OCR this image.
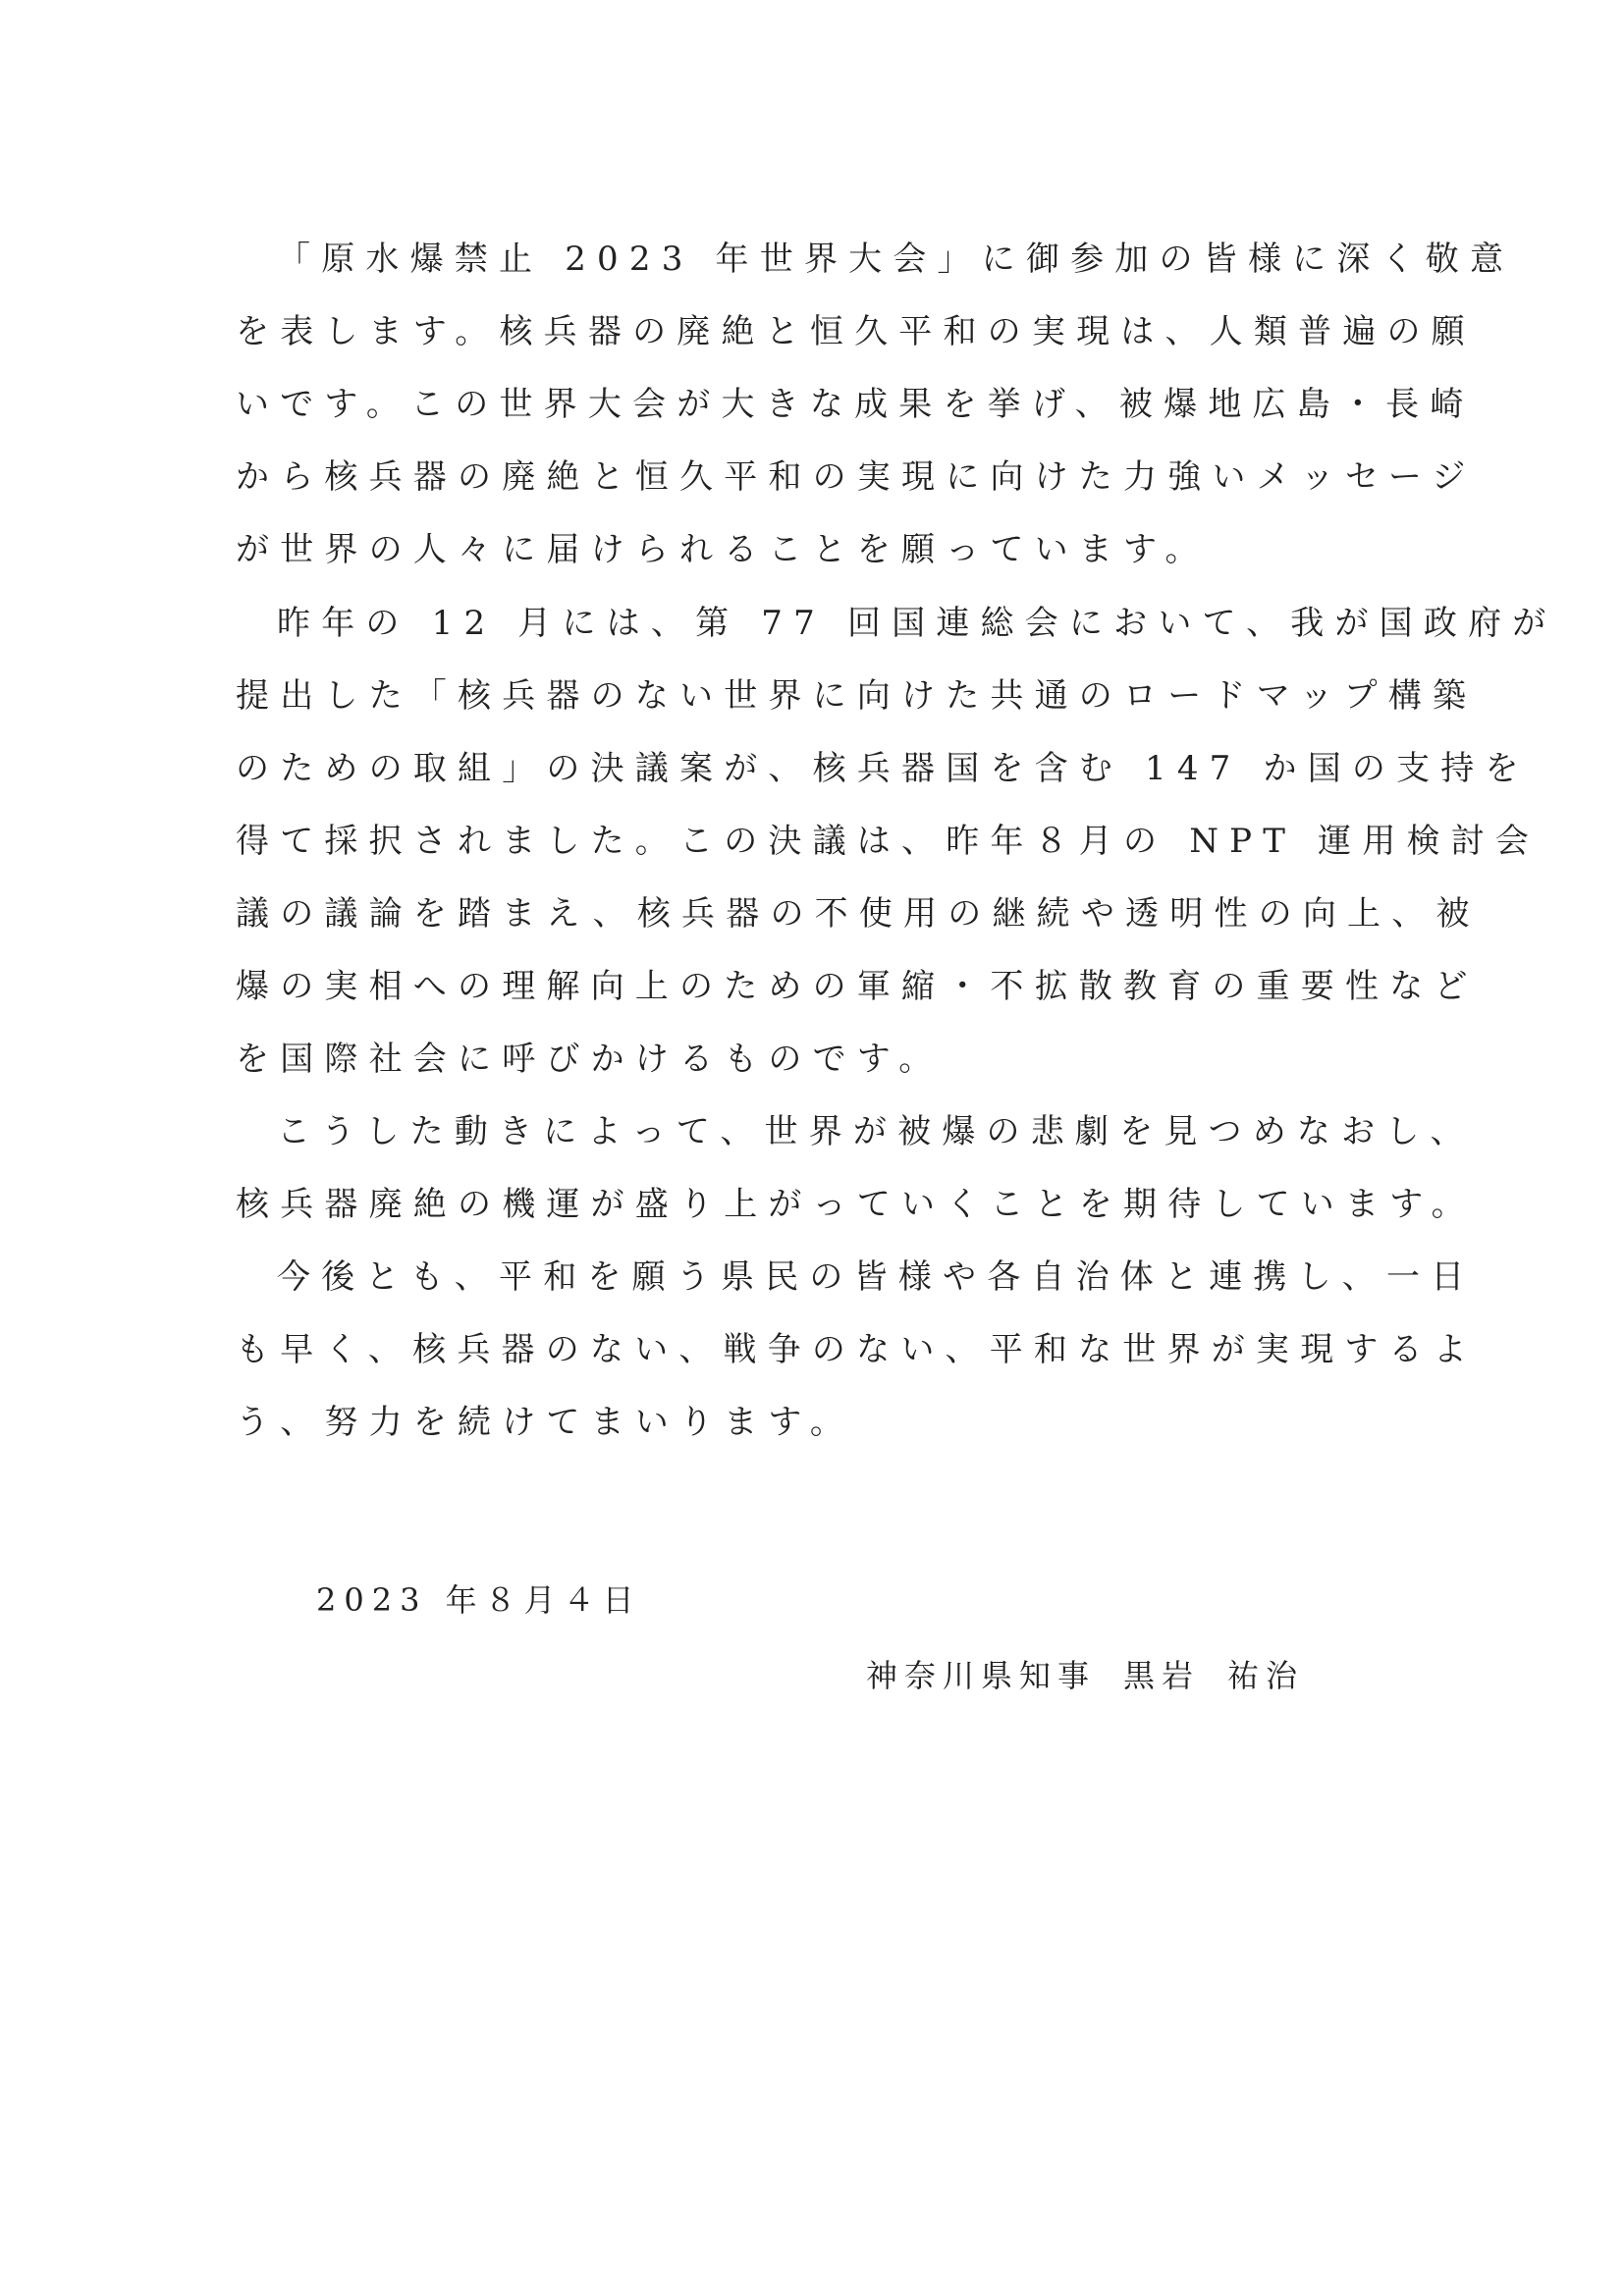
「原水爆禁止 2023 年世界大会」に御参加の皆様に深く敬意
を表します。核兵器の廃絶と恒久平和の実現は、人類普遍の願
いです。この世界大会が大きな成果を挙げ、被爆地広島・長崎
から核兵器の廃絶と恒久平和の実現に向けた力強いメッセージ
が世界の人々に届けられることを願っています。
昨年の 12 月には、第 77 回国連総会において、我が国政府が
提出した「核兵器のない世界に向けた共通のロードマップ構築
のための取組」の決議案が、核兵器国を含む 147 か国の支持を
得て採択されました。この決議は、昨年８月の NPT 運用検討会
議の議論を踏まえ、核兵器の不使用の継続や透明性の向上、被
爆の実相への理解向上のための軍縮・不拡散教育の重要性など
を国際社会に呼びかけるものです。
こうした動きによって、世界が被爆の悲劇を見つめなおし、
核兵器廃絶の機運が盛り上がっていくことを期待しています。
今後とも、平和を願う県民の皆様や各自治体と連携し、一日
も早く、核兵器のない、戦争のない、平和な世界が実現するよ
う、努力を続けてまいります。
2023 年８月４日
神奈川県知事 黒岩 祐治
